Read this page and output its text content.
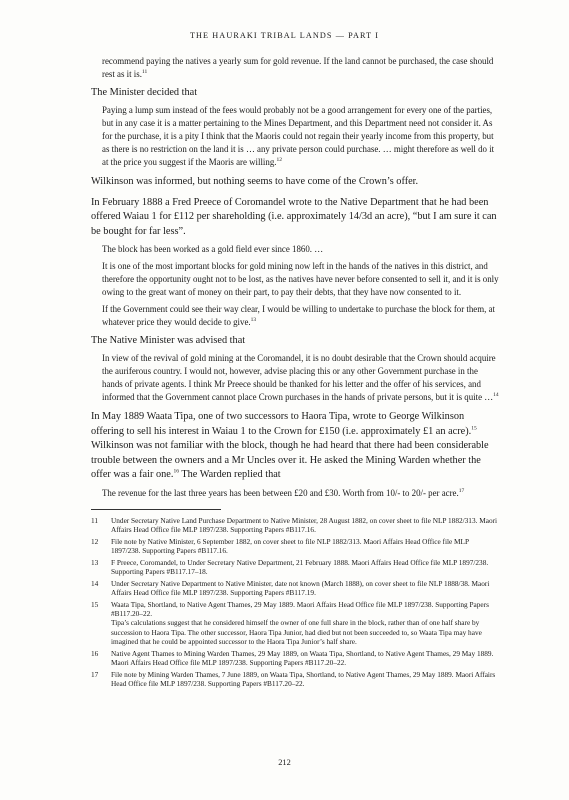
THE HAURAKI TRIBAL LANDS — PART I
recommend paying the natives a yearly sum for gold revenue. If the land cannot be purchased, the case should rest as it is.$^{11}$
The Minister decided that
Paying a lump sum instead of the fees would probably not be a good arrangement for every one of the parties, but in any case it is a matter pertaining to the Mines Department, and this Department need not consider it. As for the purchase, it is a pity I think that the Maoris could not regain their yearly income from this property, but as there is no restriction on the land it is … any private person could purchase. … might therefore as well do it at the price you suggest if the Maoris are willing.$^{12}$
Wilkinson was informed, but nothing seems to have come of the Crown’s offer.
In February 1888 a Fred Preece of Coromandel wrote to the Native Department that he had been offered Waiau 1 for £112 per shareholding (i.e. approximately 14/3d an acre), “but I am sure it can be bought for far less”.
The block has been worked as a gold field ever since 1860. …
It is one of the most important blocks for gold mining now left in the hands of the natives in this district, and therefore the opportunity ought not to be lost, as the natives have never before consented to sell it, and it is only owing to the great want of money on their part, to pay their debts, that they have now consented to it.
If the Government could see their way clear, I would be willing to undertake to purchase the block for them, at whatever price they would decide to give.$^{13}$
The Native Minister was advised that
In view of the revival of gold mining at the Coromandel, it is no doubt desirable that the Crown should acquire the auriferous country. I would not, however, advise placing this or any other Government purchase in the hands of private agents. I think Mr Preece should be thanked for his letter and the offer of his services, and informed that the Government cannot place Crown purchases in the hands of private persons, but it is quite …$^{14}$
In May 1889 Waata Tipa, one of two successors to Haora Tipa, wrote to George Wilkinson offering to sell his interest in Waiau 1 to the Crown for £150 (i.e. approximately £1 an acre).$^{15}$ Wilkinson was not familiar with the block, though he had heard that there had been considerable trouble between the owners and a Mr Uncles over it. He asked the Mining Warden whether the offer was a fair one.$^{16}$ The Warden replied that
The revenue for the last three years has been between £20 and £30. Worth from 10/- to 20/- per acre.$^{17}$
11	Under Secretary Native Land Purchase Department to Native Minister, 28 August 1882, on cover sheet to file NLP 1882/313. Maori Affairs Head Office file MLP 1897/238. Supporting Papers #B117.16.
12	File note by Native Minister, 6 September 1882, on cover sheet to file NLP 1882/313. Maori Affairs Head Office file MLP 1897/238. Supporting Papers #B117.16.
13	F Preece, Coromandel, to Under Secretary Native Department, 21 February 1888. Maori Affairs Head Office file MLP 1897/238. Supporting Papers #B117.17–18.
14	Under Secretary Native Department to Native Minister, date not known (March 1888), on cover sheet to file NLP 1888/38. Maori Affairs Head Office file MLP 1897/238. Supporting Papers #B117.19.
15	Waata Tipa, Shortland, to Native Agent Thames, 29 May 1889. Maori Affairs Head Office file MLP 1897/238. Supporting Papers #B117.20–22.
Tipa’s calculations suggest that he considered himself the owner of one full share in the block, rather than of one half share by succession to Haora Tipa. The other successor, Haora Tipa Junior, had died but not been succeeded to, so Waata Tipa may have imagined that he could be appointed successor to the Haora Tipa Junior’s half share.
16	Native Agent Thames to Mining Warden Thames, 29 May 1889, on Waata Tipa, Shortland, to Native Agent Thames, 29 May 1889. Maori Affairs Head Office file MLP 1897/238. Supporting Papers #B117.20–22.
17	File note by Mining Warden Thames, 7 June 1889, on Waata Tipa, Shortland, to Native Agent Thames, 29 May 1889. Maori Affairs Head Office file MLP 1897/238. Supporting Papers #B117.20–22.
212
